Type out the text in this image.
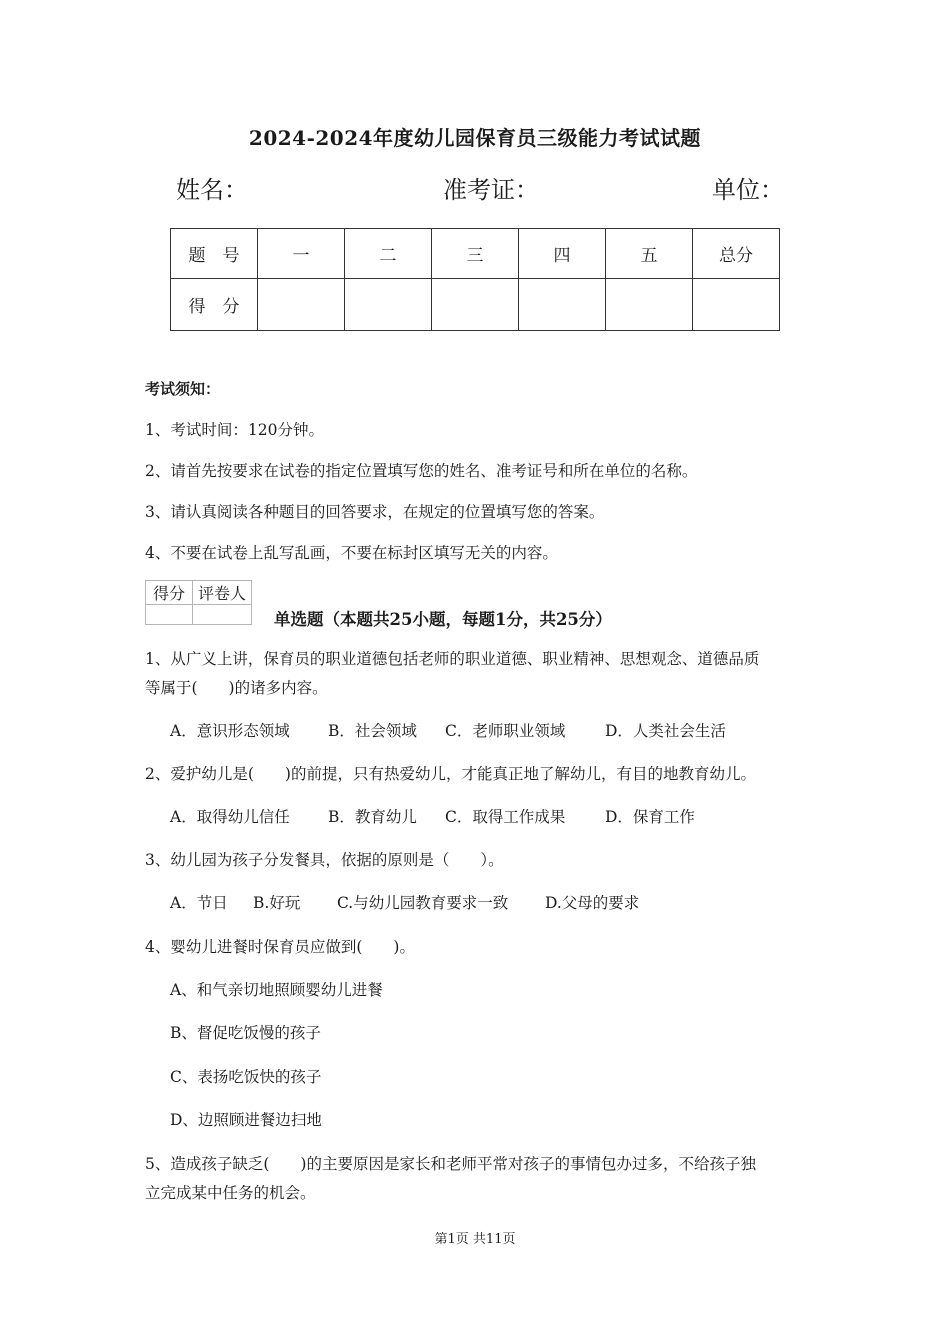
2024-2024年度幼儿园保育员三级能力考试试题
姓名：	准考证：	单位：
题　号	一	二	三	四	五	总分
得　分						
考试须知：
1、考试时间：120分钟。
2、请首先按要求在试卷的指定位置填写您的姓名、准考证号和所在单位的名称。
3、请认真阅读各种题目的回答要求，在规定的位置填写您的答案。
4、不要在试卷上乱写乱画，不要在标封区填写无关的内容。
得分	评卷人

单选题（本题共25小题，每题1分，共25分）
1、从广义上讲，保育员的职业道德包括老师的职业道德、职业精神、思想观念、道德品质
等属于(　　)的诸多内容。
A．意识形态领域 B．社会领域 C．老师职业领域	D．人类社会生活
2、爱护幼儿是(　　)的前提，只有热爱幼儿，才能真正地了解幼儿，有目的地教育幼儿。
A．取得幼儿信任 B．教育幼儿 C．取得工作成果	D．保育工作
3、幼儿园为孩子分发餐具，依据的原则是（　　）。
A．节日 B.好玩 C.与幼儿园教育要求一致 D.父母的要求
4、婴幼儿进餐时保育员应做到(　　)。
A、和气亲切地照顾婴幼儿进餐
B、督促吃饭慢的孩子
C、表扬吃饭快的孩子
D、边照顾进餐边扫地
5、造成孩子缺乏(　　)的主要原因是家长和老师平常对孩子的事情包办过多，不给孩子独
立完成某中任务的机会。
第1页 共11页
